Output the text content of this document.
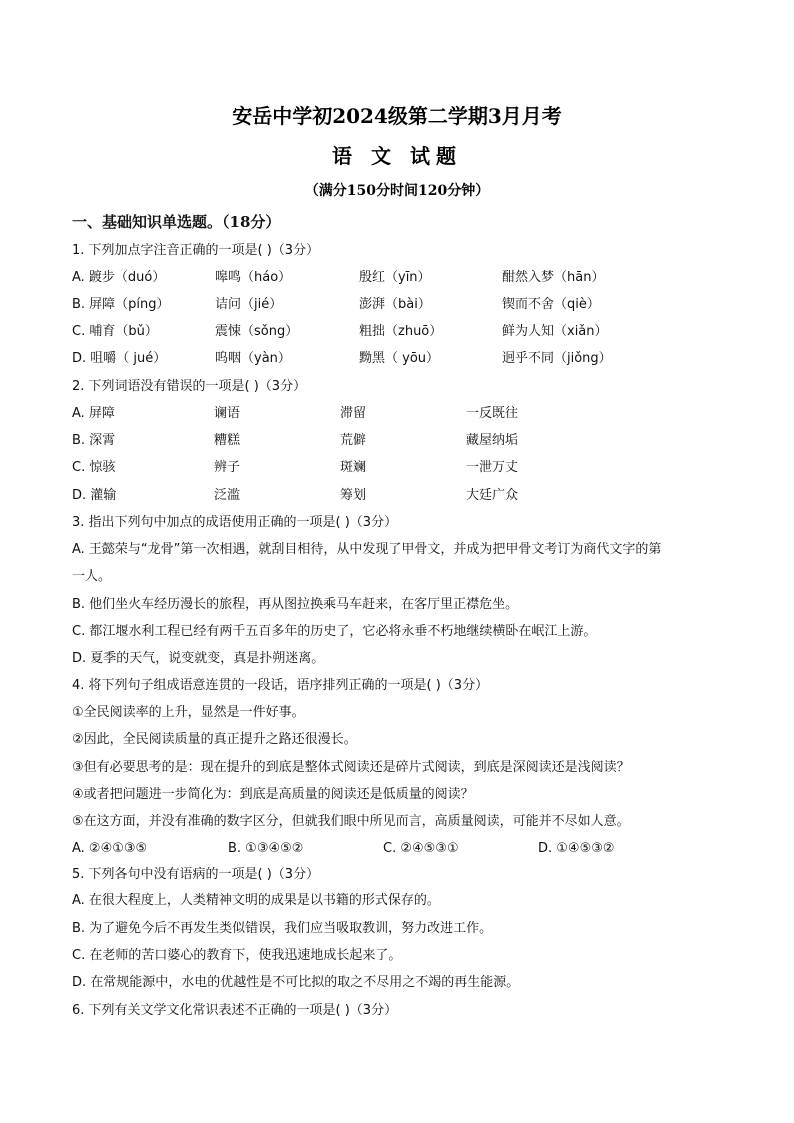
安岳中学初2024级第二学期3月月考
语 文 试题
（满分150分时间120分钟）
一、基础知识单选题。（18分）
1. 下列加点字注音正确的一项是( )（3分）
A. 踱步（duó）	嗥鸣（háo）	殷红（yīn）	酣然入梦（hān）
B. 屏障（píng）	诘问（jié）	澎湃（bài）	锲而不舍（qiè）
C. 哺育（bǔ）	震悚（sǒng）	粗拙（zhuō）	鲜为人知（xiǎn）
D. 咀嚼（ jué）	呜咽（yàn）	黝黑（ yōu）	迥乎不同（jiǒng）
2. 下列词语没有错误的一项是( )（3分）
A. 屏障	谰语	滞留	一反既往
B. 深霄	糟糕	荒僻	藏屋纳垢
C. 惊骇	辨子	斑斓	一泄万丈
D. 灌输	泛滥	筹划	大廷广众
3. 指出下列句中加点的成语使用正确的一项是( )（3分）
A. 王懿荣与“龙骨”第一次相遇，就刮目相待，从中发现了甲骨文，并成为把甲骨文考订为商代文字的第
一人。
B. 他们坐火车经历漫长的旅程，再从图拉换乘马车赶来，在客厅里正襟危坐。
C. 都江堰水利工程已经有两千五百多年的历史了，它必将永垂不朽地继续横卧在岷江上游。
D. 夏季的天气，说变就变，真是扑朔迷离。
4. 将下列句子组成语意连贯的一段话，语序排列正确的一项是( )（3分）
①全民阅读率的上升，显然是一件好事。
②因此，全民阅读质量的真正提升之路还很漫长。
③但有必要思考的是：现在提升的到底是整体式阅读还是碎片式阅读，到底是深阅读还是浅阅读？
④或者把问题进一步简化为：到底是高质量的阅读还是低质量的阅读？
⑤在这方面，并没有准确的数字区分，但就我们眼中所见而言，高质量阅读，可能并不尽如人意。
A. ②④①③⑤	B. ①③④⑤②	C. ②④⑤③①	D. ①④⑤③②
5. 下列各句中没有语病的一项是( )（3分）
A. 在很大程度上，人类精神文明的成果是以书籍的形式保存的。
B. 为了避免今后不再发生类似错误，我们应当吸取教训，努力改进工作。
C. 在老师的苦口婆心的教育下，使我迅速地成长起来了。
D. 在常规能源中，水电的优越性是不可比拟的取之不尽用之不竭的再生能源。
6. 下列有关文学文化常识表述不正确的一项是( )（3分）
